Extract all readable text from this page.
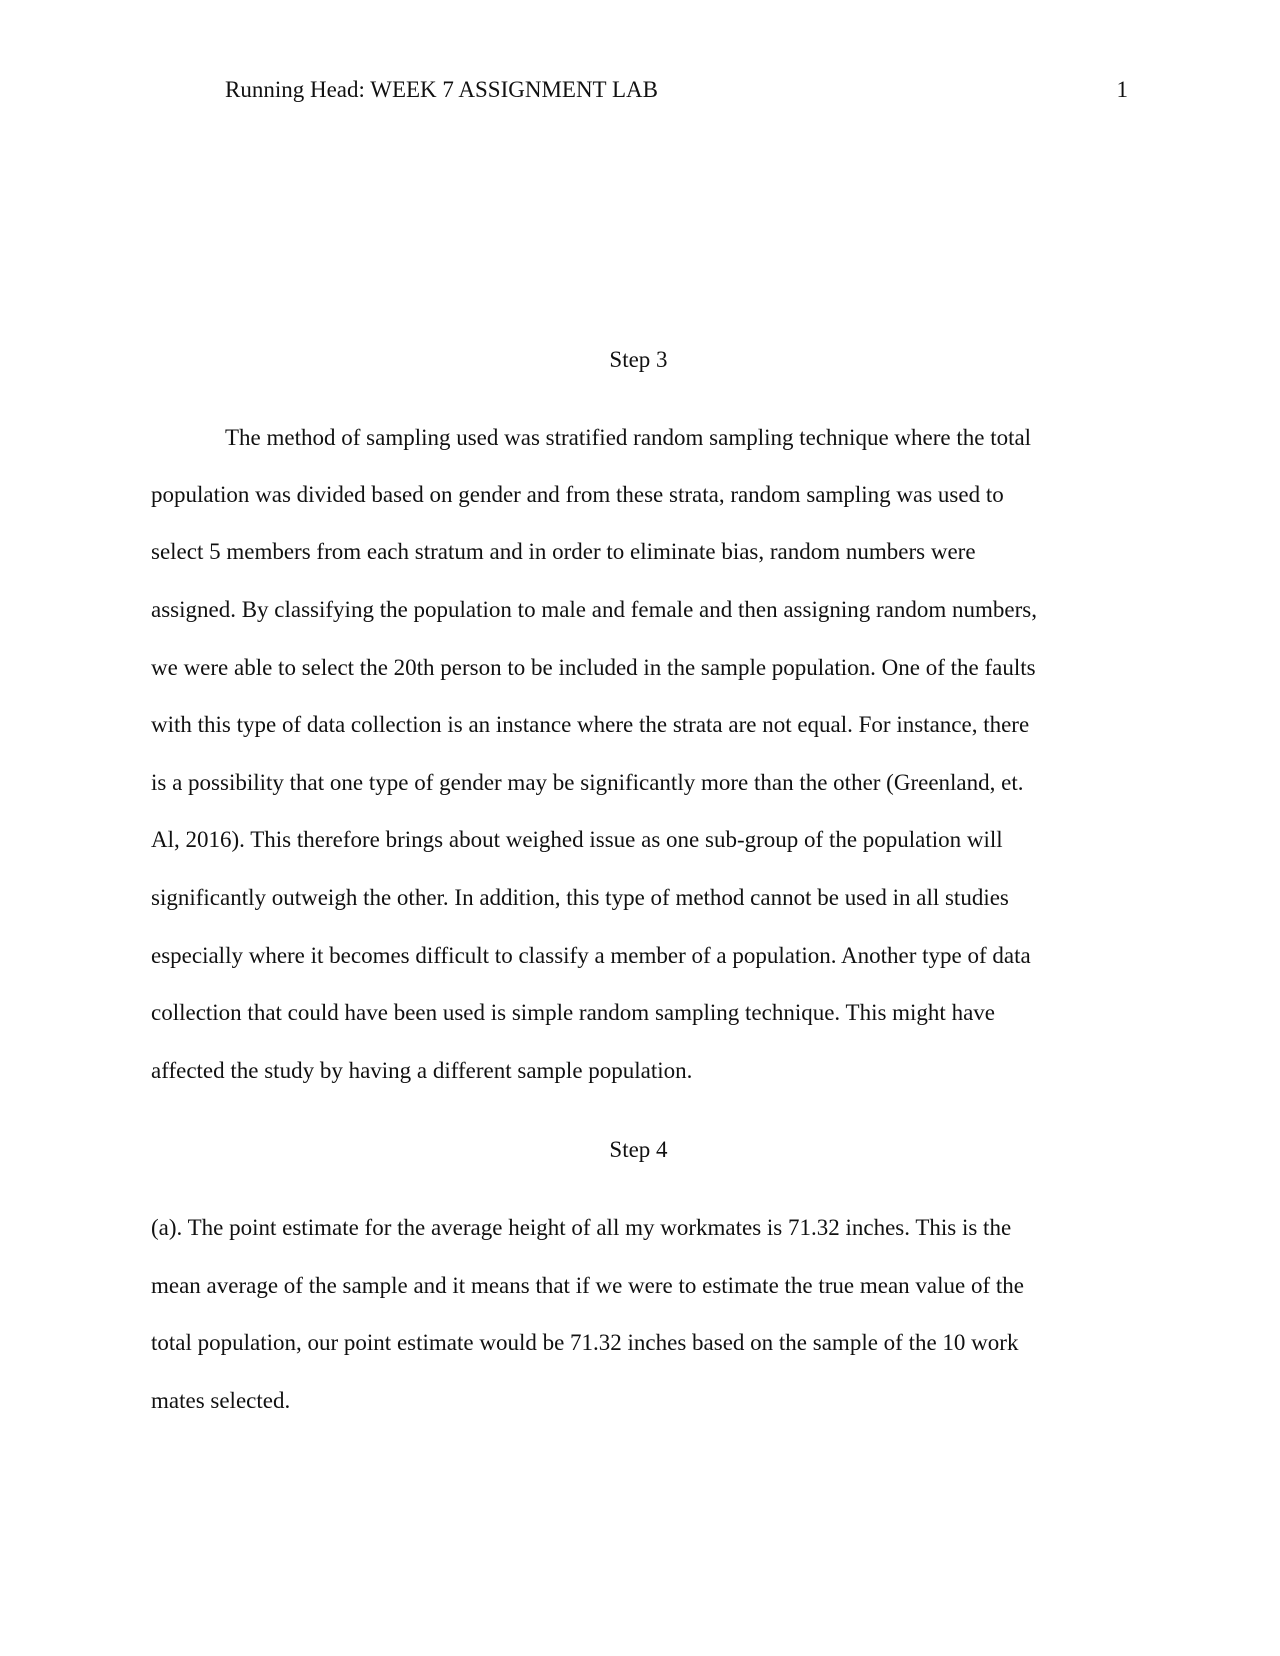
Running Head: WEEK 7 ASSIGNMENT LAB	1
Step 3
The method of sampling used was stratified random sampling technique where the total
population was divided based on gender and from these strata, random sampling was used to
select 5 members from each stratum and in order to eliminate bias, random numbers were
assigned. By classifying the population to male and female and then assigning random numbers,
we were able to select the 20th person to be included in the sample population. One of the faults
with this type of data collection is an instance where the strata are not equal. For instance, there
is a possibility that one type of gender may be significantly more than the other (Greenland, et.
Al, 2016). This therefore brings about weighed issue as one sub-group of the population will
significantly outweigh the other. In addition, this type of method cannot be used in all studies
especially where it becomes difficult to classify a member of a population. Another type of data
collection that could have been used is simple random sampling technique. This might have
affected the study by having a different sample population.
Step 4
(a). The point estimate for the average height of all my workmates is 71.32 inches. This is the
mean average of the sample and it means that if we were to estimate the true mean value of the
total population, our point estimate would be 71.32 inches based on the sample of the 10 work
mates selected.
